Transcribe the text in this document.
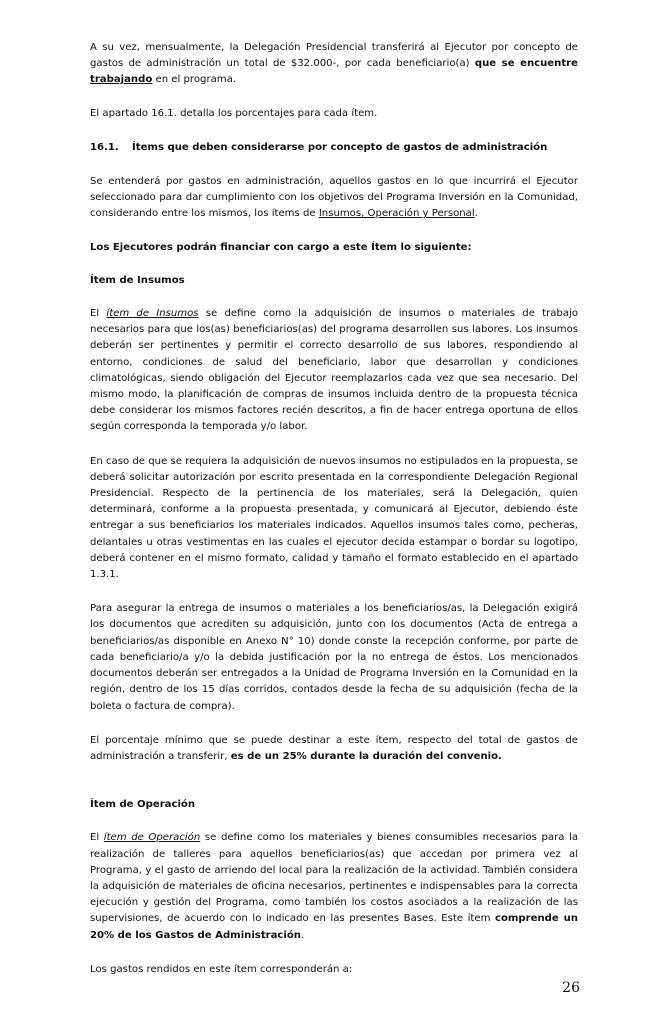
A su vez, mensualmente, la Delegación Presidencial transferirá al Ejecutor por concepto de gastos de administración un total de $32.000-, por cada beneficiario(a) que se encuentre trabajando en el programa.

El apartado 16.1. detalla los porcentajes para cada ítem.

16.1.	Ítems que deben considerarse por concepto de gastos de administración

Se entenderá por gastos en administración, aquellos gastos en lo que incurrirá el Ejecutor seleccionado para dar cumplimiento con los objetivos del Programa Inversión en la Comunidad, considerando entre los mismos, los ítems de Insumos, Operación y Personal.

Los Ejecutores podrán financiar con cargo a este Ítem lo siguiente:

Ítem de Insumos

El ítem de Insumos se define como la adquisición de insumos o materiales de trabajo necesarios para que los(as) beneficiarios(as) del programa desarrollen sus labores. Los insumos deberán ser pertinentes y permitir el correcto desarrollo de sus labores, respondiendo al entorno, condiciones de salud del beneficiario, labor que desarrollan y condiciones climatológicas, siendo obligación del Ejecutor reemplazarlos cada vez que sea necesario. Del mismo modo, la planificación de compras de insumos incluida dentro de la propuesta técnica debe considerar los mismos factores recién descritos, a fin de hacer entrega oportuna de ellos según corresponda la temporada y/o labor.

En caso de que se requiera la adquisición de nuevos insumos no estipulados en la propuesta, se deberá solicitar autorización por escrito presentada en la correspondiente Delegación Regional Presidencial. Respecto de la pertinencia de los materiales, será la Delegación, quien determinará, conforme a la propuesta presentada, y comunicará al Ejecutor, debiendo éste entregar a sus beneficiarios los materiales indicados. Aquellos insumos tales como, pecheras, delantales u otras vestimentas en las cuales el ejecutor decida estampar o bordar su logotipo, deberá contener en el mismo formato, calidad y tamaño el formato establecido en el apartado 1.3.1.

Para asegurar la entrega de insumos o materiales a los beneficiarios/as, la Delegación exigirá los documentos que acrediten su adquisición, junto con los documentos (Acta de entrega a beneficiarios/as disponible en Anexo N° 10) donde conste la recepción conforme, por parte de cada beneficiario/a y/o la debida justificación por la no entrega de éstos. Los mencionados documentos deberán ser entregados a la Unidad de Programa Inversión en la Comunidad en la región, dentro de los 15 días corridos, contados desde la fecha de su adquisición (fecha de la boleta o factura de compra).

El porcentaje mínimo que se puede destinar a este ítem, respecto del total de gastos de administración a transferir, es de un 25% durante la duración del convenio.

Ítem de Operación

El ítem de Operación se define como los materiales y bienes consumibles necesarios para la realización de talleres para aquellos beneficiarios(as) que accedan por primera vez al Programa, y el gasto de arriendo del local para la realización de la actividad. También considera la adquisición de materiales de oficina necesarios, pertinentes e indispensables para la correcta ejecución y gestión del Programa, como también los costos asociados a la realización de las supervisiones, de acuerdo con lo indicado en las presentes Bases. Este ítem comprende un 20% de los Gastos de Administración.

Los gastos rendidos en este ítem corresponderán a:

26
